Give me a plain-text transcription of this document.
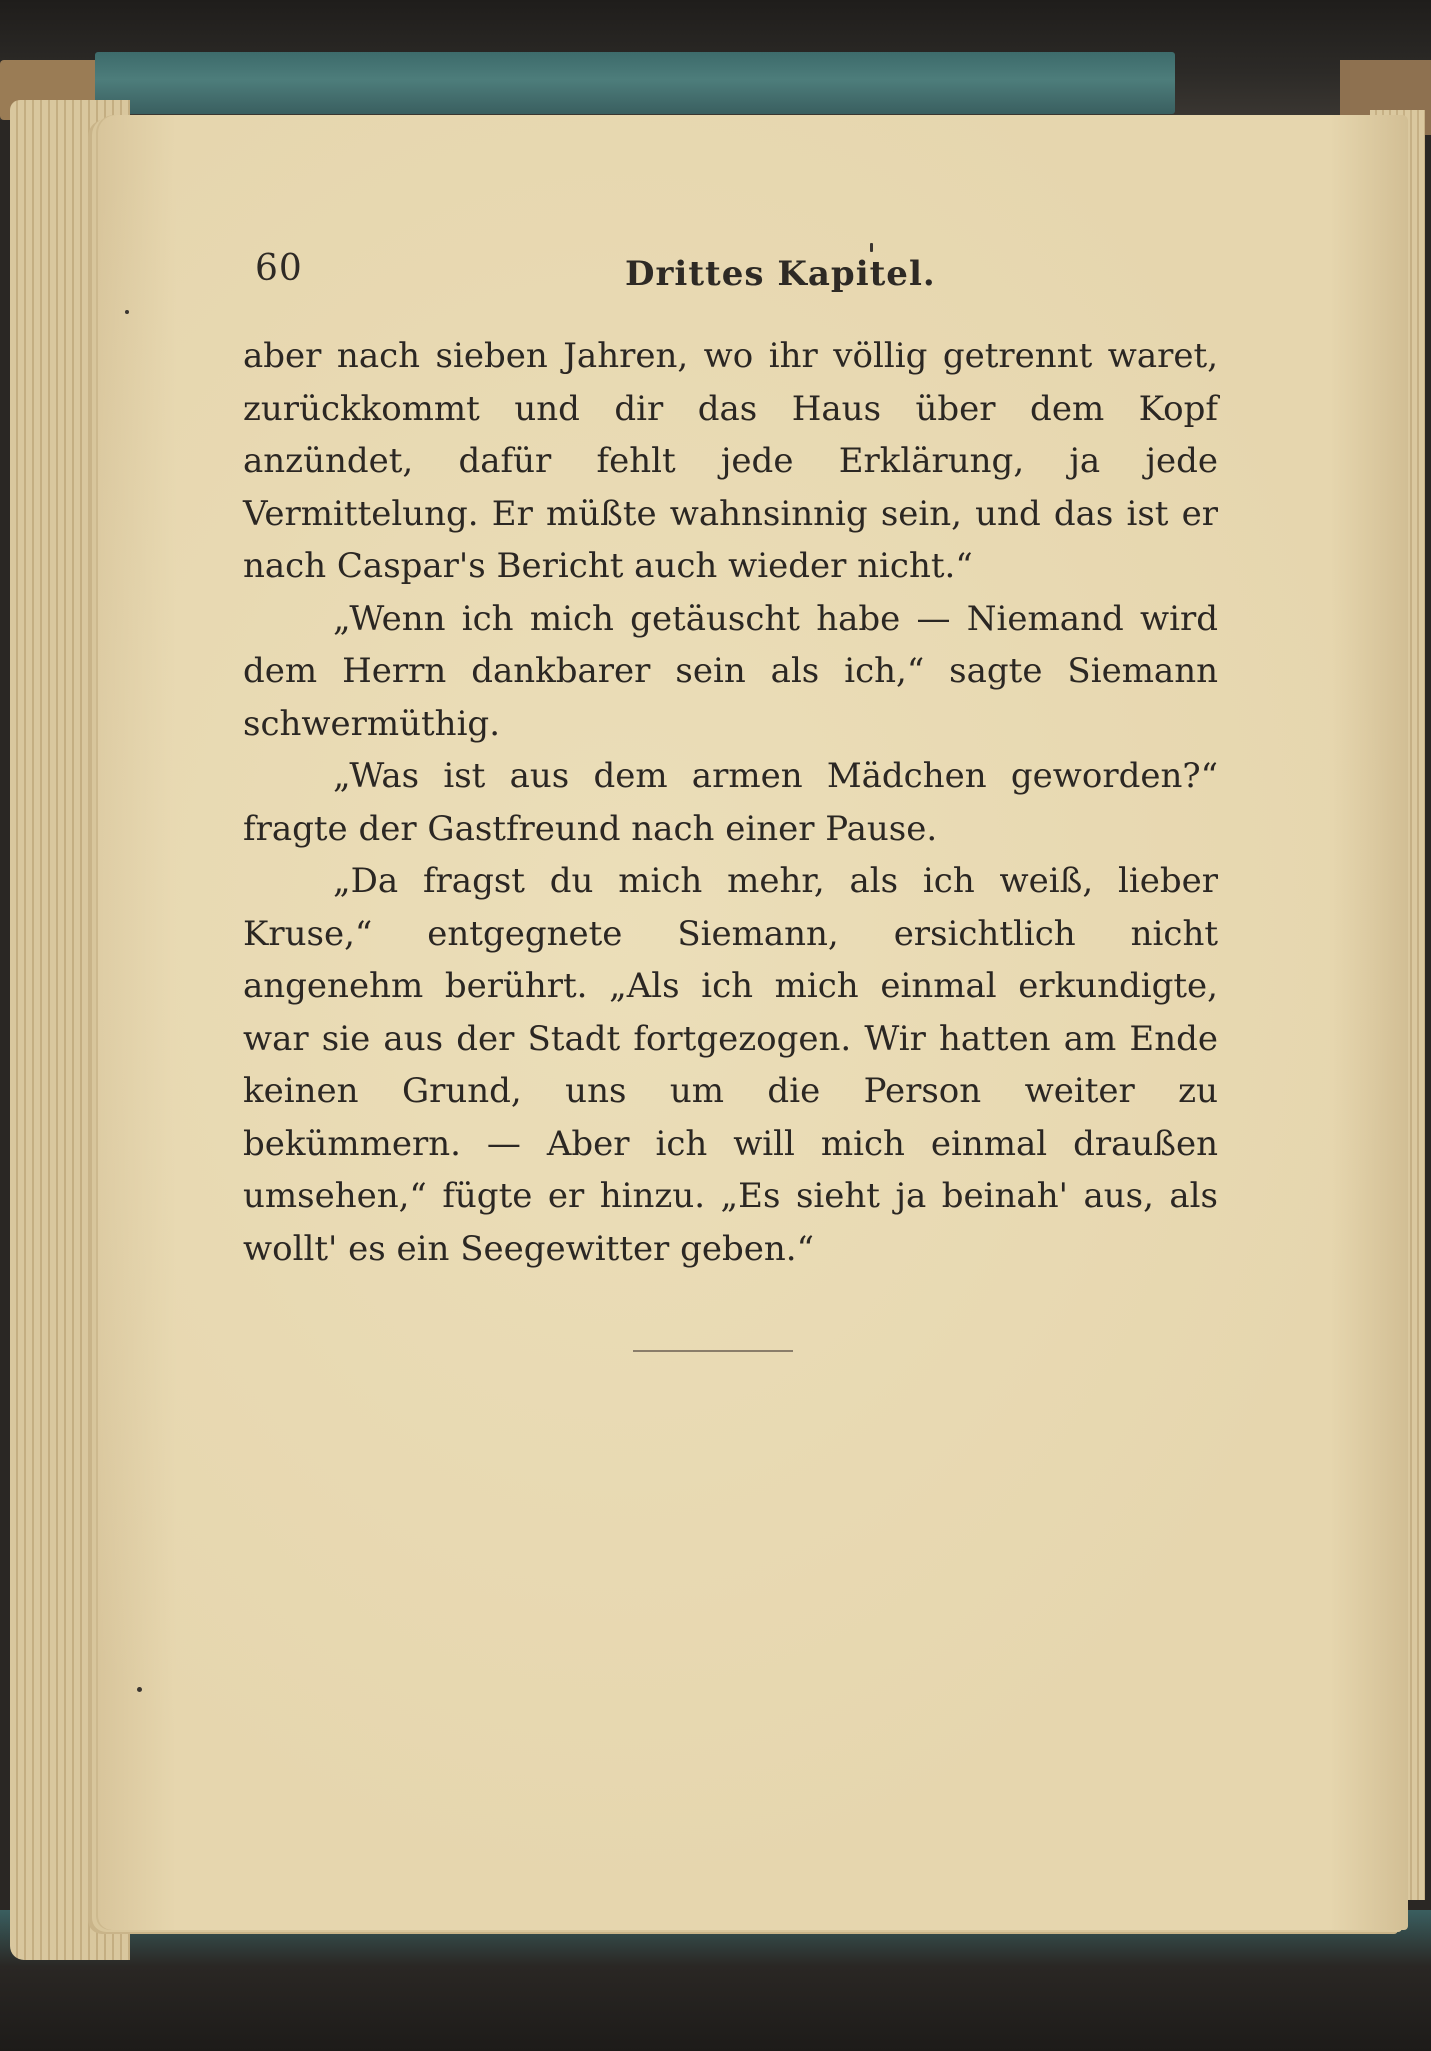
60	Drittes Kapitel.

aber nach sieben Jahren, wo ihr völlig getrennt waret, zurückkommt und dir das Haus über dem Kopf anzündet, dafür fehlt jede Erklärung, ja jede Vermittelung. Er müßte wahnsinnig sein, und das ist er nach Caspar's Bericht auch wieder nicht.“

„Wenn ich mich getäuscht habe — Niemand wird dem Herrn dankbarer sein als ich,“ sagte Siemann schwermüthig.

„Was ist aus dem armen Mädchen geworden?“ fragte der Gastfreund nach einer Pause.

„Da fragst du mich mehr, als ich weiß, lieber Kruse,“ entgegnete Siemann, ersichtlich nicht angenehm berührt. „Als ich mich einmal erkundigte, war sie aus der Stadt fortgezogen. Wir hatten am Ende keinen Grund, uns um die Person weiter zu bekümmern. — Aber ich will mich einmal draußen umsehen,“ fügte er hinzu. „Es sieht ja beinah' aus, als wollt' es ein Seegewitter geben.“
